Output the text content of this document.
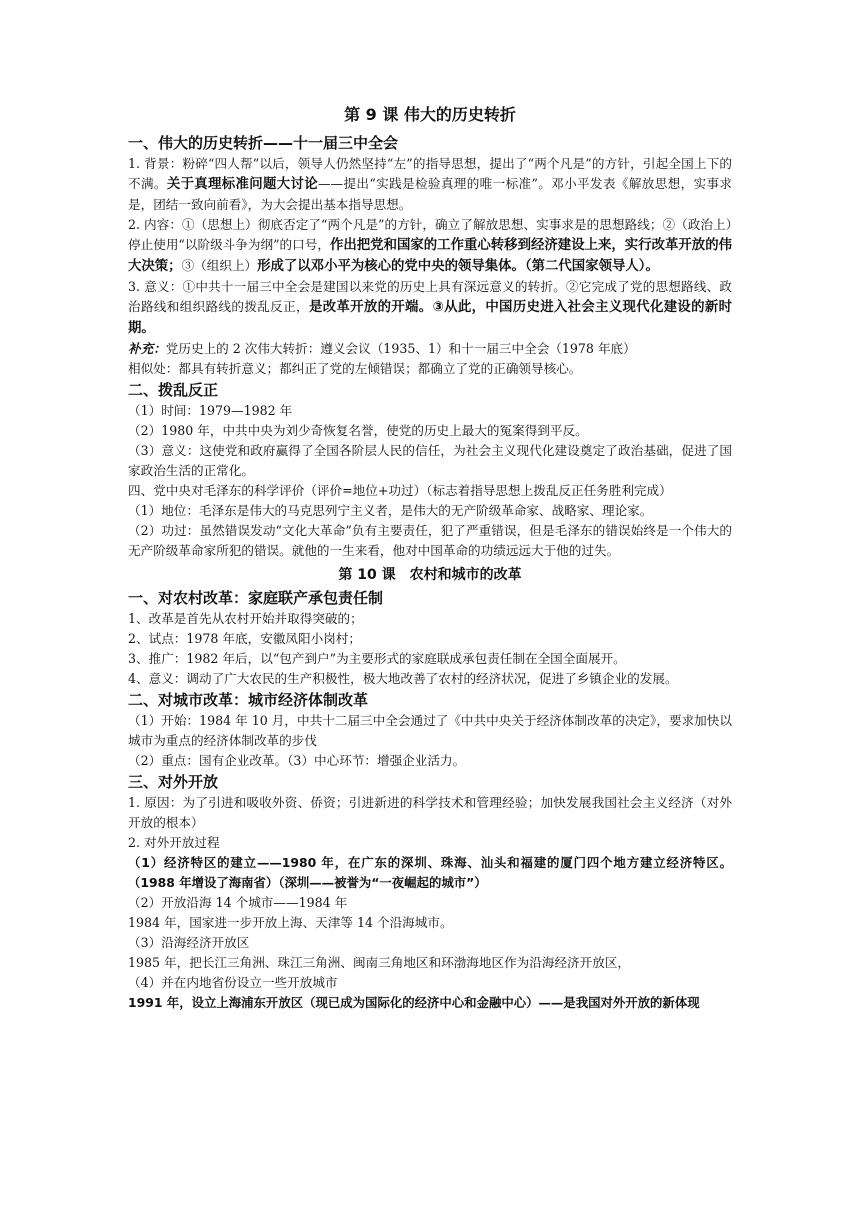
第 9 课 伟大的历史转折
一、伟大的历史转折——十一届三中全会

1. 背景：粉碎“四人帮”以后，领导人仍然坚持“左”的指导思想，提出了“两个凡是”的方针，引起全国上下的不满。关于真理标准问题大讨论——提出“实践是检验真理的唯一标准”。邓小平发表《解放思想，实事求是，团结一致向前看》，为大会提出基本指导思想。

2. 内容：①（思想上）彻底否定了“两个凡是”的方针，确立了解放思想、实事求是的思想路线；②（政治上）停止使用“以阶级斗争为纲”的口号，作出把党和国家的工作重心转移到经济建设上来，实行改革开放的伟大决策；③（组织上）形成了以邓小平为核心的党中央的领导集体。（第二代国家领导人）。

3. 意义：①中共十一届三中全会是建国以来党的历史上具有深远意义的转折。②它完成了党的思想路线、政治路线和组织路线的拨乱反正，是改革开放的开端。③从此，中国历史进入社会主义现代化建设的新时期。

补充：党历史上的 2 次伟大转折：遵义会议（1935、1）和十一届三中全会（1978 年底）

相似处：都具有转折意义；都纠正了党的左倾错误；都确立了党的正确领导核心。

二、拨乱反正

（1）时间：1979—1982 年

（2）1980 年，中共中央为刘少奇恢复名誉，使党的历史上最大的冤案得到平反。

（3）意义：这使党和政府赢得了全国各阶层人民的信任，为社会主义现代化建设奠定了政治基础，促进了国家政治生活的正常化。

四、党中央对毛泽东的科学评价（评价=地位+功过）（标志着指导思想上拨乱反正任务胜利完成）

（1）地位：毛泽东是伟大的马克思列宁主义者，是伟大的无产阶级革命家、战略家、理论家。

（2）功过：虽然错误发动“文化大革命”负有主要责任，犯了严重错误，但是毛泽东的错误始终是一个伟大的无产阶级革命家所犯的错误。就他的一生来看，他对中国革命的功绩远远大于他的过失。

第 10 课　农村和城市的改革
一、对农村改革：家庭联产承包责任制

1、改革是首先从农村开始并取得突破的；

2、试点：1978 年底，安徽凤阳小岗村；

3、推广：1982 年后，以“包产到户”为主要形式的家庭联成承包责任制在全国全面展开。

4、意义：调动了广大农民的生产积极性，极大地改善了农村的经济状况，促进了乡镇企业的发展。

二、对城市改革：城市经济体制改革

（1）开始：1984 年 10 月，中共十二届三中全会通过了《中共中央关于经济体制改革的决定》，要求加快以城市为重点的经济体制改革的步伐

（2）重点：国有企业改革。（3）中心环节：增强企业活力。

三、对外开放

1. 原因：为了引进和吸收外资、侨资；引进新进的科学技术和管理经验；加快发展我国社会主义经济（对外开放的根本）

2. 对外开放过程

（1）经济特区的建立——1980 年，在广东的深圳、珠海、汕头和福建的厦门四个地方建立经济特区。（1988 年增设了海南省）（深圳——被誉为“一夜崛起的城市”）

（2）开放沿海 14 个城市——1984 年

1984 年，国家进一步开放上海、天津等 14 个沿海城市。

（3）沿海经济开放区

1985 年，把长江三角洲、珠江三角洲、闽南三角地区和环渤海地区作为沿海经济开放区，

（4）并在内地省份设立一些开放城市

1991 年，设立上海浦东开放区（现已成为国际化的经济中心和金融中心）——是我国对外开放的新体现
